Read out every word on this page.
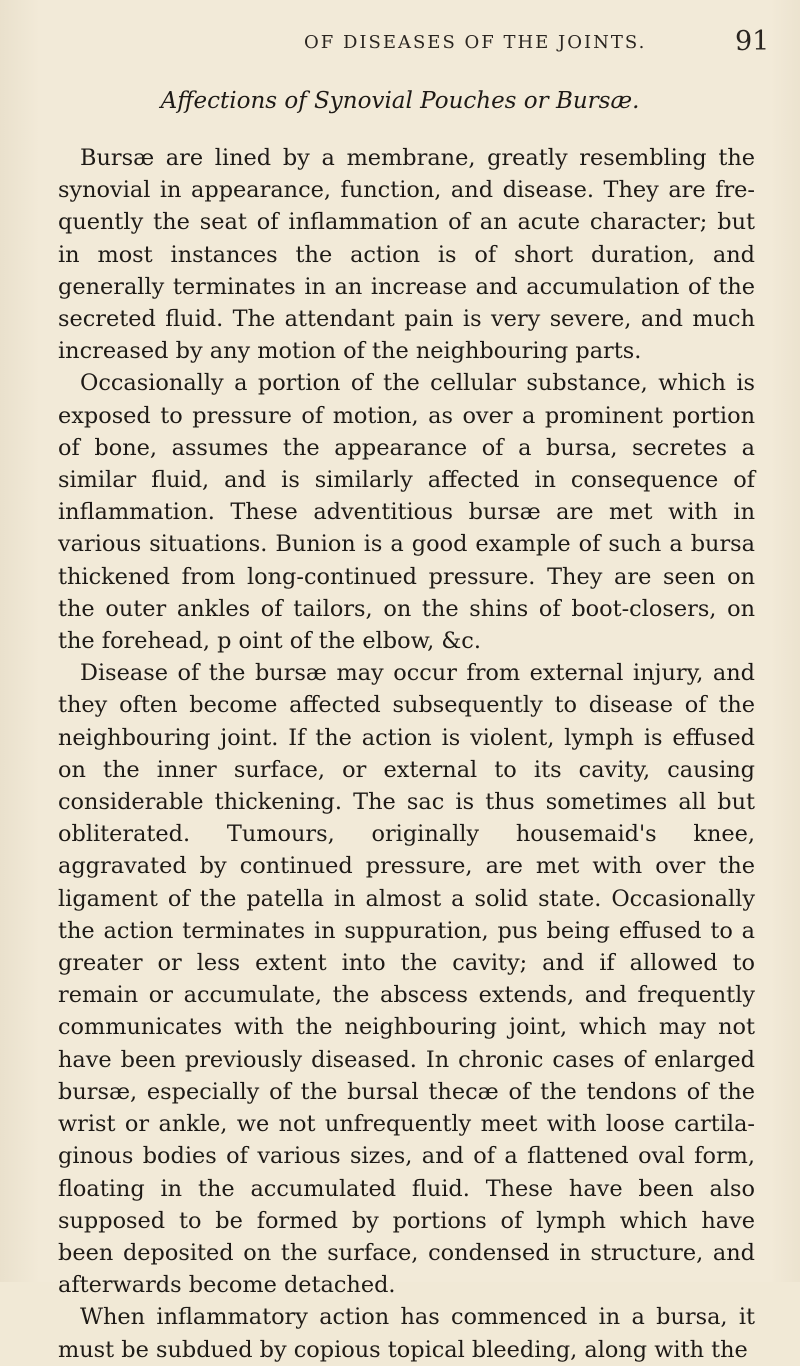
OF DISEASES OF THE JOINTS.	91
Affections of Synovial Pouches or Bursæ.

Bursæ are lined by a membrane, greatly resembling the synovial in appearance, function, and disease. They are frequently the seat of inflammation of an acute character; but in most instances the action is of short duration, and generally terminates in an increase and accumulation of the secreted fluid. The attendant pain is very severe, and much increased by any motion of the neighbouring parts.

Occasionally a portion of the cellular substance, which is exposed to pressure of motion, as over a prominent portion of bone, assumes the appearance of a bursa, secretes a similar fluid, and is similarly affected in consequence of inflammation. These adventitious bursæ are met with in various situations. Bunion is a good example of such a bursa thickened from long-continued pressure. They are seen on the outer ankles of tailors, on the shins of boot-closers, on the forehead, p oint of the elbow, &c.

Disease of the bursæ may occur from external injury, and they often become affected subsequently to disease of the neighbouring joint. If the action is violent, lymph is effused on the inner surface, or external to its cavity, causing considerable thickening. The sac is thus sometimes all but obliterated. Tumours, originally housemaid's knee, aggravated by continued pressure, are met with over the ligament of the patella in almost a solid state. Occasionally the action terminates in suppuration, pus being effused to a greater or less extent into the cavity; and if allowed to remain or accumulate, the abscess extends, and frequently communicates with the neighbouring joint, which may not have been previously diseased. In chronic cases of enlarged bursæ, especially of the bursal thecæ of the tendons of the wrist or ankle, we not unfrequently meet with loose cartilaginous bodies of various sizes, and of a flattened oval form, floating in the accumulated fluid. These have been also supposed to be formed by portions of lymph which have been deposited on the surface, condensed in structure, and afterwards become detached.

When inflammatory action has commenced in a bursa, it must be subdued by copious topical bleeding, along with the
